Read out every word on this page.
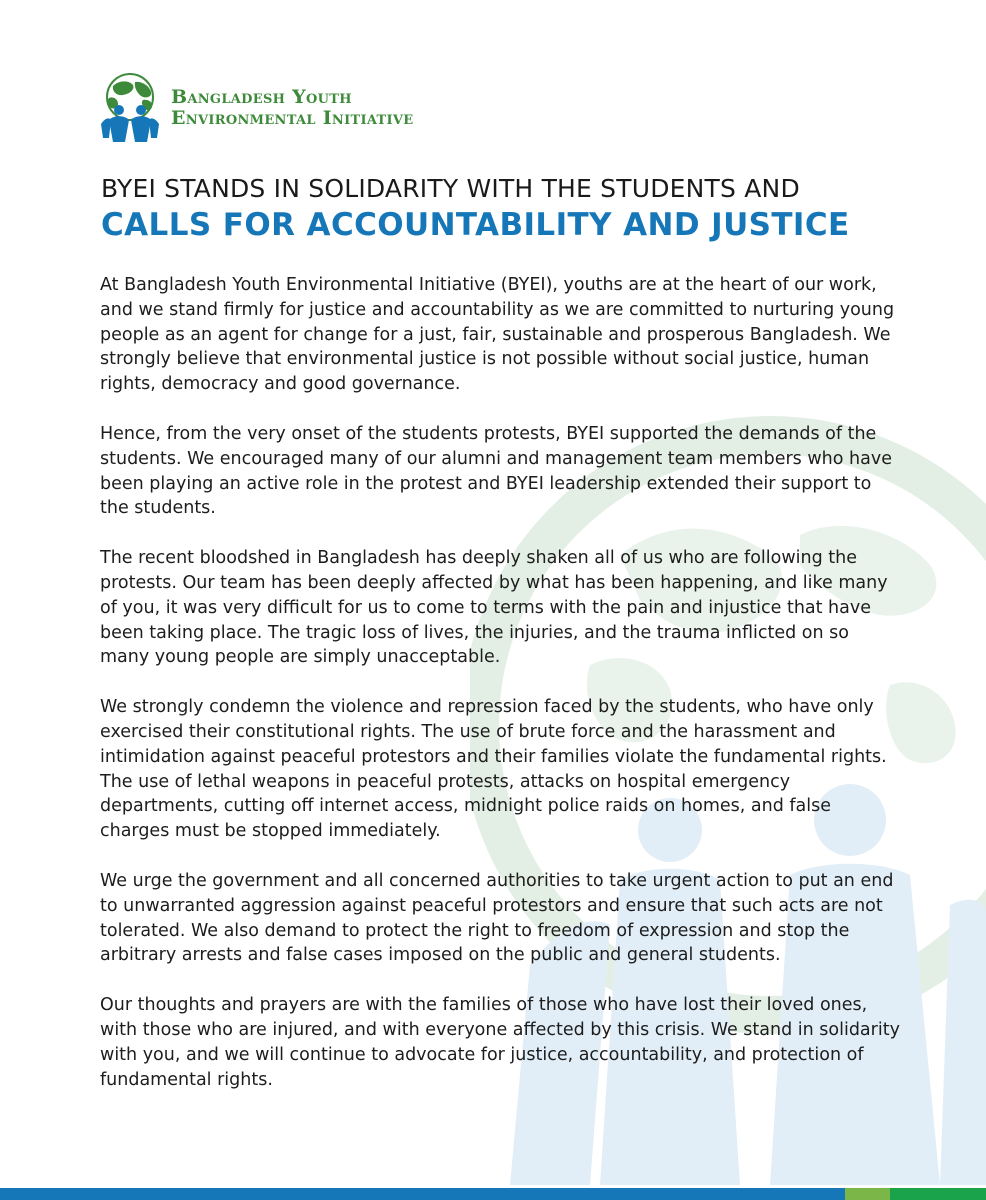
Bangladesh Youth
Environmental Initiative
BYEI STANDS IN SOLIDARITY WITH THE STUDENTS AND
CALLS FOR ACCOUNTABILITY AND JUSTICE

At Bangladesh Youth Environmental Initiative (BYEI), youths are at the heart of our work, and we stand firmly for justice and accountability as we are committed to nurturing young people as an agent for change for a just, fair, sustainable and prosperous Bangladesh. We strongly believe that environmental justice is not possible without social justice, human rights, democracy and good governance.

Hence, from the very onset of the students protests, BYEI supported the demands of the students. We encouraged many of our alumni and management team members who have been playing an active role in the protest and BYEI leadership extended their support to the students.

The recent bloodshed in Bangladesh has deeply shaken all of us who are following the protests. Our team has been deeply affected by what has been happening, and like many of you, it was very difficult for us to come to terms with the pain and injustice that have been taking place. The tragic loss of lives, the injuries, and the trauma inflicted on so many young people are simply unacceptable.

We strongly condemn the violence and repression faced by the students, who have only exercised their constitutional rights. The use of brute force and the harassment and intimidation against peaceful protestors and their families violate the fundamental rights. The use of lethal weapons in peaceful protests, attacks on hospital emergency departments, cutting off internet access, midnight police raids on homes, and false charges must be stopped immediately.

We urge the government and all concerned authorities to take urgent action to put an end to unwarranted aggression against peaceful protestors and ensure that such acts are not tolerated. We also demand to protect the right to freedom of expression and stop the arbitrary arrests and false cases imposed on the public and general students.

Our thoughts and prayers are with the families of those who have lost their loved ones, with those who are injured, and with everyone affected by this crisis. We stand in solidarity with you, and we will continue to advocate for justice, accountability, and protection of fundamental rights.
